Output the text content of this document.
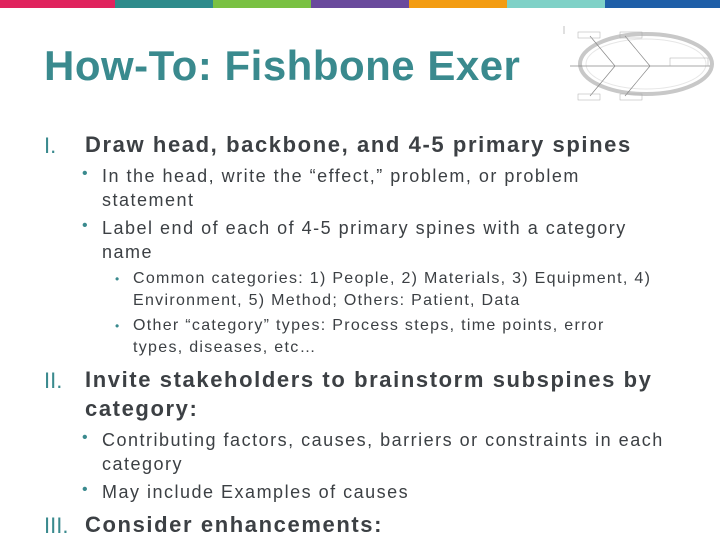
How-To: Fishbone Exer
I. Draw head, backbone, and 4-5 primary spines
• In the head, write the “effect,” problem, or problem
statement
• Label end of each of 4-5 primary spines with a category
name
• Common categories: 1) People, 2) Materials, 3) Equipment, 4)
Environment, 5) Method; Others: Patient, Data
• Other “category” types: Process steps, time points, error
types, diseases, etc…
II. Invite stakeholders to brainstorm subspines by
category:
• Contributing factors, causes, barriers or constraints in each
category
• May include Examples of causes
III. Consider enhancements:
